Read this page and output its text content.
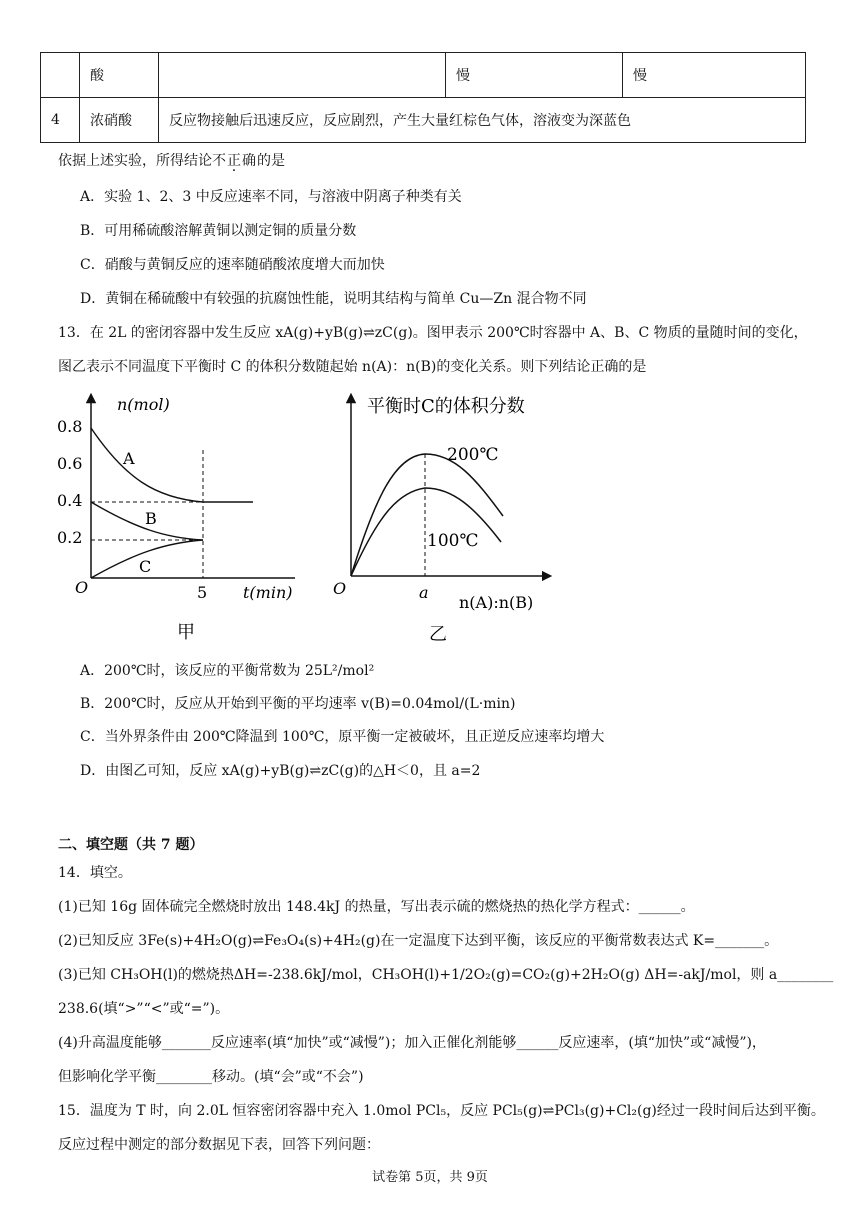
	酸		慢	慢
4	浓硝酸	反应物接触后迅速反应，反应剧烈，产生大量红棕色气体，溶液变为深蓝色		
依据上述实验，所得结论不正确的是
A．实验 1、2、3 中反应速率不同，与溶液中阴离子种类有关
B．可用稀硫酸溶解黄铜以测定铜的质量分数
C．硝酸与黄铜反应的速率随硝酸浓度增大而加快
D．黄铜在稀硫酸中有较强的抗腐蚀性能，说明其结构与简单 Cu—Zn 混合物不同
13．在 2L 的密闭容器中发生反应 xA(g)+yB(g)⇌zC(g)。图甲表示 200℃时容器中 A、B、C 物质的量随时间的变化，
图乙表示不同温度下平衡时 C 的体积分数随起始 n(A)：n(B)的变化关系。则下列结论正确的是
n(mol)
0.8
0.6
0.4
0.2
O	5 t(min)
A
B
C
甲
平衡时C的体积分数
O	a
n(A):n(B)
200℃
100℃
乙
A．200℃时，该反应的平衡常数为 25L²/mol²
B．200℃时，反应从开始到平衡的平均速率 v(B)=0.04mol/(L·min)
C．当外界条件由 200℃降温到 100℃，原平衡一定被破坏，且正逆反应速率均增大
D．由图乙可知，反应 xA(g)+yB(g)⇌zC(g)的△H＜0，且 a=2
二、填空题（共 7 题）
14．填空。
(1)已知 16g 固体硫完全燃烧时放出 148.4kJ 的热量，写出表示硫的燃烧热的热化学方程式：______。
(2)已知反应 3Fe(s)+4H₂O(g)⇌Fe₃O₄(s)+4H₂(g)在一定温度下达到平衡，该反应的平衡常数表达式 K=_______。
(3)已知 CH₃OH(l)的燃烧热ΔH=-238.6kJ/mol，CH₃OH(l)+1/2O₂(g)=CO₂(g)+2H₂O(g) ΔH=-akJ/mol，则 a________
238.6(填“>”“<”或“=”)。
(4)升高温度能够_______反应速率(填“加快”或“减慢”)；加入正催化剂能够______反应速率，(填“加快”或“减慢”)，
但影响化学平衡________移动。(填“会”或“不会”)
15．温度为 T 时，向 2.0L 恒容密闭容器中充入 1.0mol PCl₅，反应 PCl₅(g)⇌PCl₃(g)+Cl₂(g)经过一段时间后达到平衡。
反应过程中测定的部分数据见下表，回答下列问题：
试卷第 5页，共 9页
